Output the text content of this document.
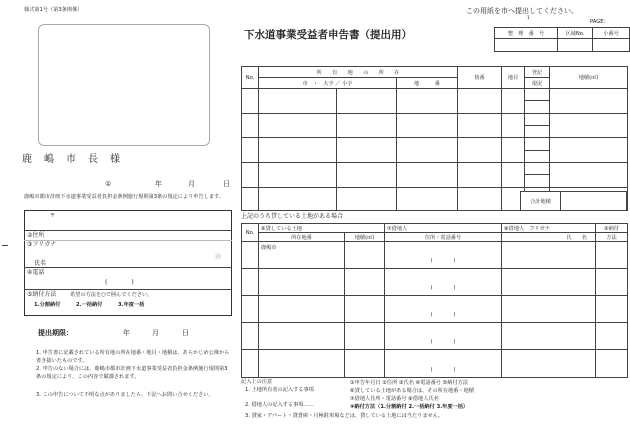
様式第1号（第3条関係）	この用紙を市へ提出してください。
PAGE:
1
下水道事業受益者申告書（提出用）	整　理　番　号	区域No.	小番号

鹿　嶋　市　長　様
①	年	月	日
鹿嶋市都市計画下水道事業受益者負担金条例施行規則第3条の規定により申告します。
〒
②住所
③フリガナ
氏名
㊞
④電話
(　　　　)
⑤納付方法	希望の方法を○で囲んでください。
1.分割納付	2.一括納付	3.年度一括
提出期限：	年	月	日
1. 申告書に記載されている所有地の所在地番・地目・地積は、あらかじめ公簿から書き抜いたものです。
2. 申告のない場合には、鹿嶋市都市計画下水道事業受益者負担金条例施行規則第3条の規定により、この内容で賦課されます。
3. この申告について不明な点がありましたら、下記へお問い合せください。
No.	所　　有　　地　　の　　所　　在			枝番	地目	登記	地積(㎡)
	市　・　大字 ／ 小字		地　　　番			現況	

合計地積	
上記のうち貸している土地がある場合
No.	⑥貸している土地		⑦借地人	⑧借地人　フリガナ	⑨納付
	所在地番	地積(㎡)	住所・電話番号	氏　　名	方法
	鹿嶋市		(　　　　)		
			(　　　　)		
			(　　　　)		
			(　　　　)		
			(　　　　)		
記入上の注意
1. 土地所有者の記入する事項
①申告年月日 ②住所 ③氏名 ④電話番号 ⑤納付方法
⑥貸している土地がある場合は、その所在地番・地積
2. 借地人の記入する事項……
⑦借地人住所・電話番号 ⑧借地人氏名
⑨納付方法（1.分割納付 2.一括納付 3.年度一括）
3. 貸家・アパート・貸倉庫・月極駐車場などは、貸している土地には当たりません。
